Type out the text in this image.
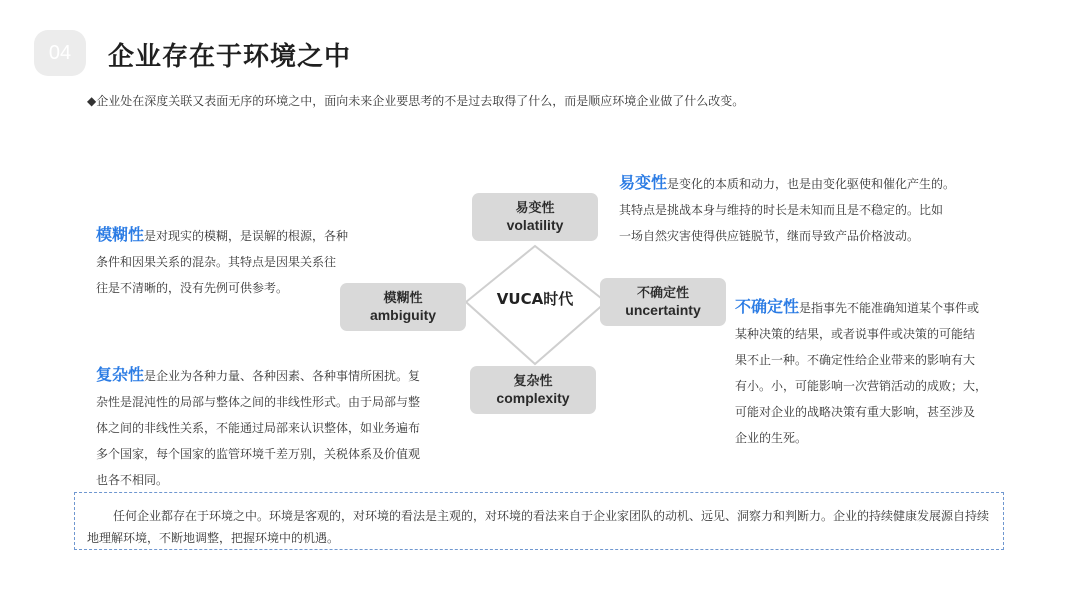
04	企业存在于环境之中
◆企业处在深度关联又表面无序的环境之中，面向未来企业要思考的不是过去取得了什么，而是顺应环境企业做了什么改变。
易变性
volatility
模糊性
ambiguity
不确定性
uncertainty
复杂性
complexity
VUCA时代
易变性是变化的本质和动力，也是由变化驱使和催化产生的。
其特点是挑战本身与维持的时长是未知而且是不稳定的。比如
一场自然灾害使得供应链脱节，继而导致产品价格波动。
模糊性是对现实的模糊，是误解的根源，各种
条件和因果关系的混杂。其特点是因果关系往
往是不清晰的，没有先例可供参考。
不确定性是指事先不能准确知道某个事件或
某种决策的结果，或者说事件或决策的可能结
果不止一种。不确定性给企业带来的影响有大
有小。小，可能影响一次营销活动的成败；大，
可能对企业的战略决策有重大影响，甚至涉及
企业的生死。
复杂性是企业为各种力量、各种因素、各种事情所困扰。复
杂性是混沌性的局部与整体之间的非线性形式。由于局部与整
体之间的非线性关系，不能通过局部来认识整体，如业务遍布
多个国家，每个国家的监管环境千差万别，关税体系及价值观
也各不相同。
任何企业都存在于环境之中。环境是客观的，对环境的看法是主观的，对环境的看法来自于企业家团队的动机、远见、洞察力和判断力。企业的持续健康发展源自持续地理解环境，不断地调整，把握环境中的机遇。
